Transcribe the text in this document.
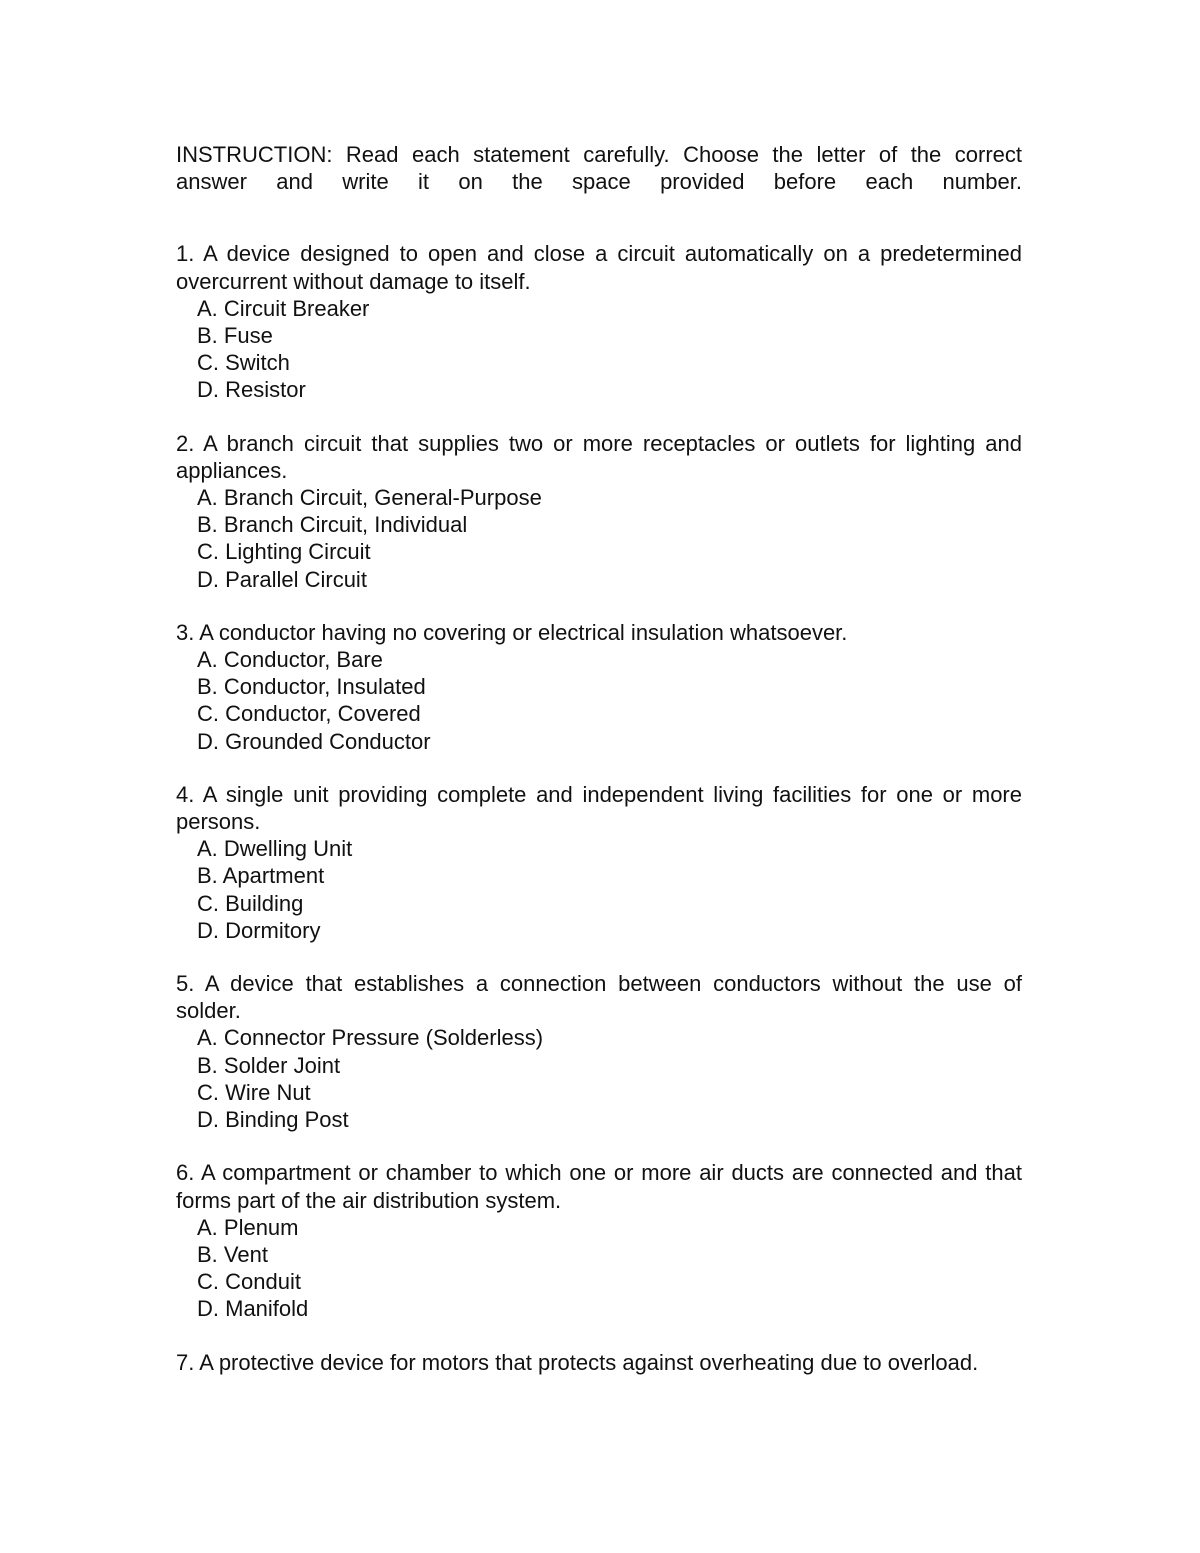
INSTRUCTION: Read each statement carefully. Choose the letter of the correct answer and write it on the space provided before each number.

1. A device designed to open and close a circuit automatically on a predetermined overcurrent without damage to itself.

A. Circuit Breaker
B. Fuse
C. Switch
D. Resistor

2. A branch circuit that supplies two or more receptacles or outlets for lighting and appliances.

A. Branch Circuit, General-Purpose
B. Branch Circuit, Individual
C. Lighting Circuit
D. Parallel Circuit

3. A conductor having no covering or electrical insulation whatsoever.

A. Conductor, Bare
B. Conductor, Insulated
C. Conductor, Covered
D. Grounded Conductor

4. A single unit providing complete and independent living facilities for one or more persons.

A. Dwelling Unit
B. Apartment
C. Building
D. Dormitory

5. A device that establishes a connection between conductors without the use of solder.

A. Connector Pressure (Solderless)
B. Solder Joint
C. Wire Nut
D. Binding Post

6. A compartment or chamber to which one or more air ducts are connected and that forms part of the air distribution system.

A. Plenum
B. Vent
C. Conduit
D. Manifold

7. A protective device for motors that protects against overheating due to overload.
